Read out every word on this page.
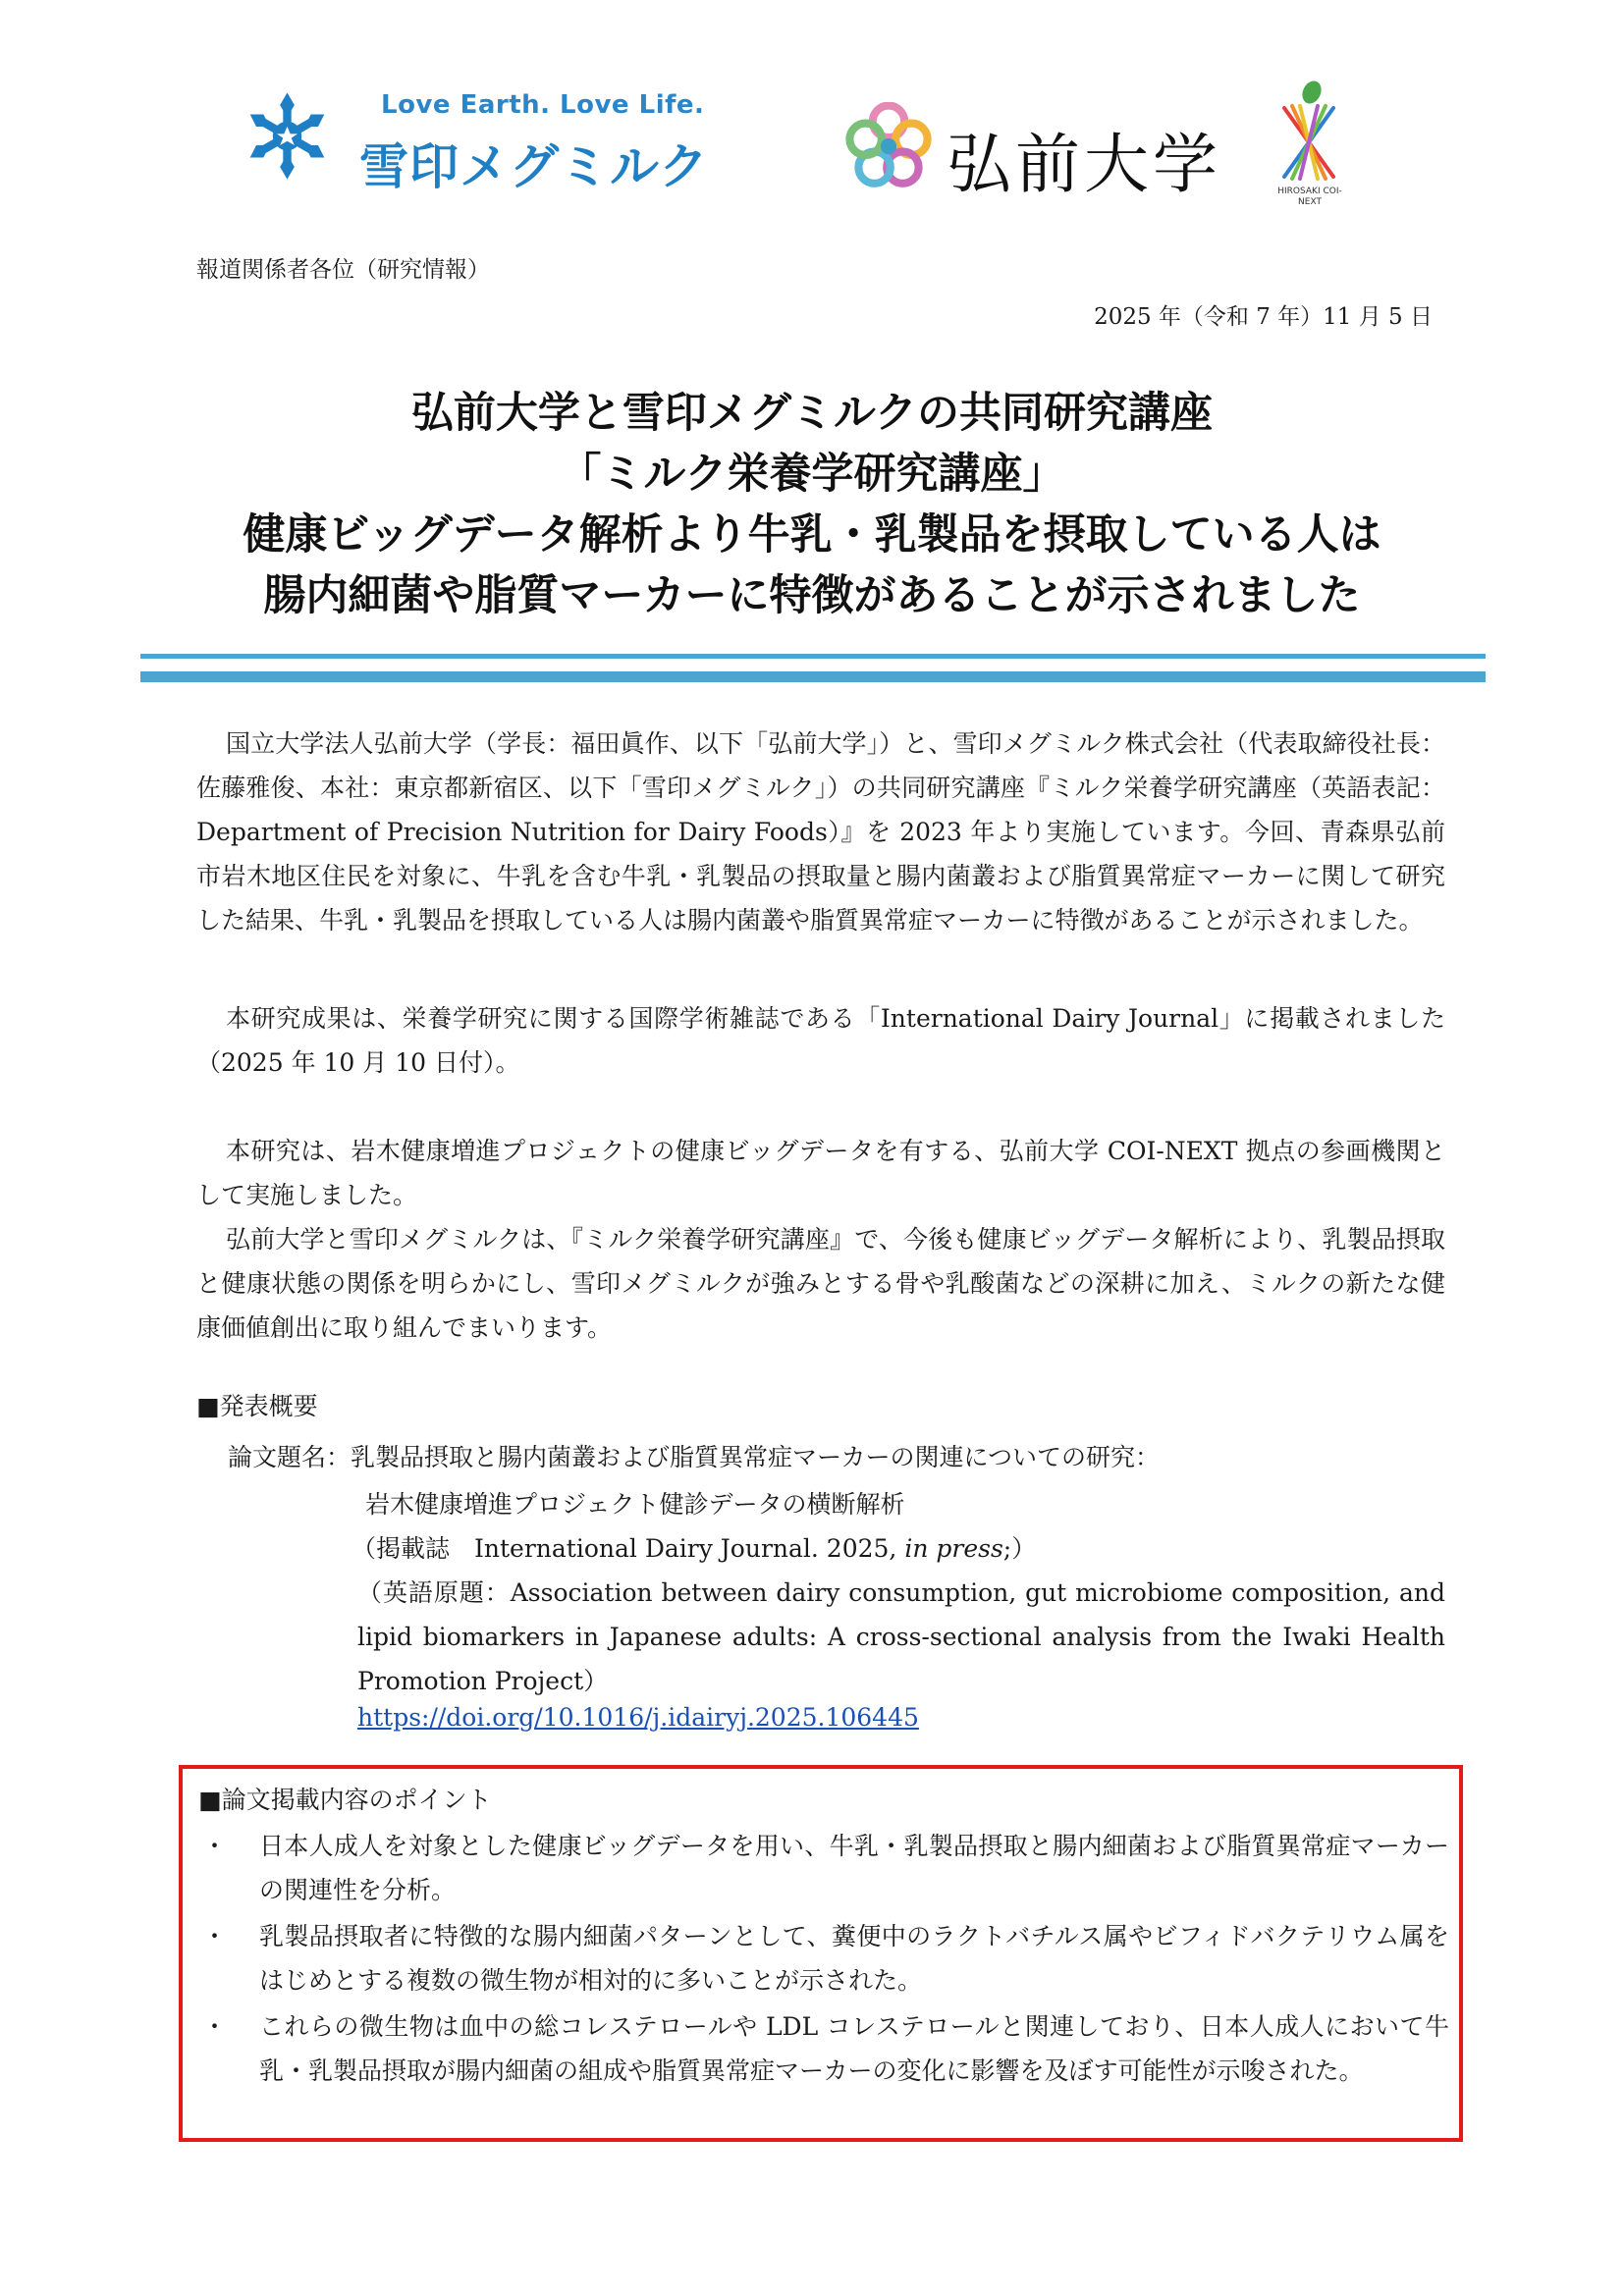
Love Earth. Love Life.
雪印メグミルク	弘前大学	HIROSAKI COI-NEXT
報道関係者各位（研究情報）
2025 年（令和 7 年）11 月 5 日
弘前大学と雪印メグミルクの共同研究講座
「ミルク栄養学研究講座」
健康ビッグデータ解析より牛乳・乳製品を摂取している人は
腸内細菌や脂質マーカーに特徴があることが示されました
国立大学法人弘前大学（学長：福田眞作、以下「弘前大学」）と、雪印メグミルク株式会社（代表取締役社長：佐藤雅俊、本社：東京都新宿区、以下「雪印メグミルク」）の共同研究講座『ミルク栄養学研究講座（英語表記：Department of Precision Nutrition for Dairy Foods）』を 2023 年より実施しています。今回、青森県弘前市岩木地区住民を対象に、牛乳を含む牛乳・乳製品の摂取量と腸内菌叢および脂質異常症マーカーに関して研究した結果、牛乳・乳製品を摂取している人は腸内菌叢や脂質異常症マーカーに特徴があることが示されました。
本研究成果は、栄養学研究に関する国際学術雑誌である「International Dairy Journal」に掲載されました（2025 年 10 月 10 日付）。
本研究は、岩木健康増進プロジェクトの健康ビッグデータを有する、弘前大学 COI-NEXT 拠点の参画機関として実施しました。
弘前大学と雪印メグミルクは、『ミルク栄養学研究講座』で、今後も健康ビッグデータ解析により、乳製品摂取と健康状態の関係を明らかにし、雪印メグミルクが強みとする骨や乳酸菌などの深耕に加え、ミルクの新たな健康価値創出に取り組んでまいります。
■発表概要
論文題名：乳製品摂取と腸内菌叢および脂質異常症マーカーの関連についての研究：
岩木健康増進プロジェクト健診データの横断解析
（掲載誌　International Dairy Journal. 2025, in press;）
（英語原題：Association between dairy consumption, gut microbiome composition, and lipid biomarkers in Japanese adults: A cross-sectional analysis from the Iwaki Health Promotion Project）
https://doi.org/10.1016/j.idairyj.2025.106445
■論文掲載内容のポイント
・ 日本人成人を対象とした健康ビッグデータを用い、牛乳・乳製品摂取と腸内細菌および脂質異常症マーカーの関連性を分析。
・ 乳製品摂取者に特徴的な腸内細菌パターンとして、糞便中のラクトバチルス属やビフィドバクテリウム属をはじめとする複数の微生物が相対的に多いことが示された。
・ これらの微生物は血中の総コレステロールや LDL コレステロールと関連しており、日本人成人において牛乳・乳製品摂取が腸内細菌の組成や脂質異常症マーカーの変化に影響を及ぼす可能性が示唆された。
